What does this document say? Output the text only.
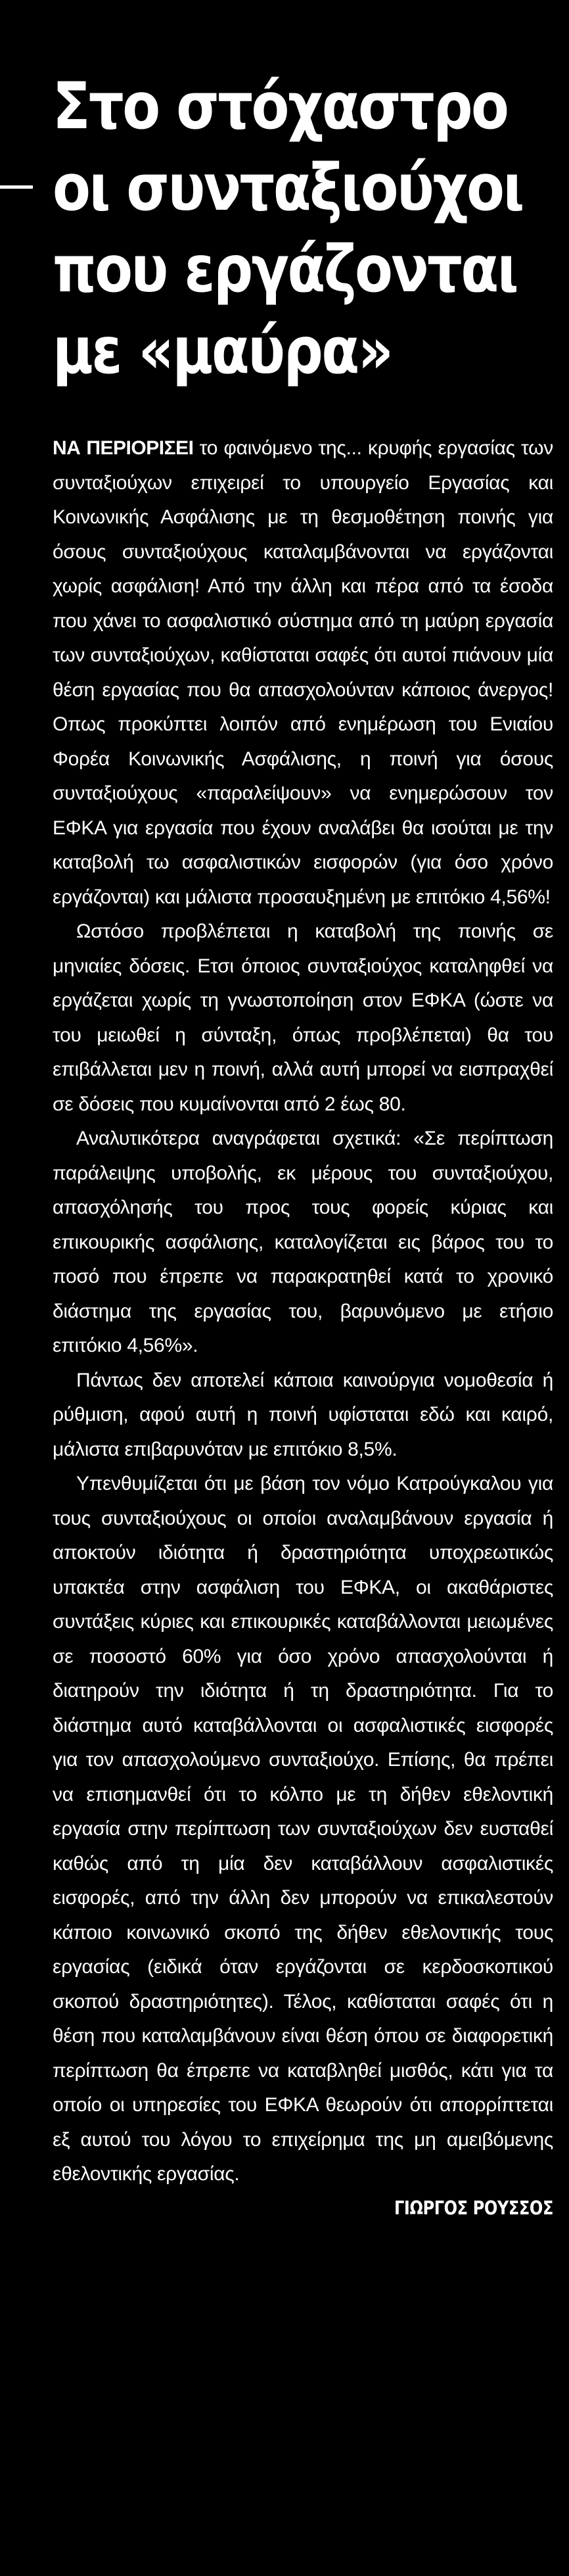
Στο στόχαστρο
οι συνταξιούχοι
που εργάζονται
με «μαύρα»

ΝΑ ΠΕΡΙΟΡΙΣΕΙ το φαινόμενο της... κρυφής εργασίας των συνταξιούχων επιχειρεί το υπουργείο Εργασίας και Κοινωνικής Ασφάλισης με τη θεσμοθέτηση ποινής για όσους συνταξιούχους καταλαμβάνονται να εργάζονται χωρίς ασφάλιση! Από την άλλη και πέρα από τα έσοδα που χάνει το ασφαλιστικό σύστημα από τη μαύρη εργασία των συνταξιούχων, καθίσταται σαφές ότι αυτοί πιάνουν μία θέση εργασίας που θα απασχολούνταν κάποιος άνεργος! Οπως προκύπτει λοιπόν από ενημέρωση του Ενιαίου Φορέα Κοινωνικής Ασφάλισης, η ποινή για όσους συνταξιούχους «παραλείψουν» να ενημερώσουν τον ΕΦΚΑ για εργασία που έχουν αναλάβει θα ισούται με την καταβολή τω ασφαλιστικών εισφορών (για όσο χρόνο εργάζονται) και μάλιστα προσαυξημένη με επιτόκιο 4,56%!

Ωστόσο προβλέπεται η καταβολή της ποινής σε μηνιαίες δόσεις. Ετσι όποιος συνταξιούχος καταληφθεί να εργάζεται χωρίς τη γνωστοποίηση στον ΕΦΚΑ (ώστε να του μειωθεί η σύνταξη, όπως προβλέπεται) θα του επιβάλλεται μεν η ποινή, αλλά αυτή μπορεί να εισπραχθεί σε δόσεις που κυμαίνονται από 2 έως 80.

Αναλυτικότερα αναγράφεται σχετικά: «Σε περίπτωση παράλειψης υποβολής, εκ μέρους του συνταξιούχου, απασχόλησής του προς τους φορείς κύριας και επικουρικής ασφάλισης, καταλογίζεται εις βάρος του το ποσό που έπρεπε να παρακρατηθεί κατά το χρονικό διάστημα της εργασίας του, βαρυνόμενο με ετήσιο επιτόκιο 4,56%».

Πάντως δεν αποτελεί κάποια καινούργια νομοθεσία ή ρύθμιση, αφού αυτή η ποινή υφίσταται εδώ και καιρό, μάλιστα επιβαρυνόταν με επιτόκιο 8,5%.

Υπενθυμίζεται ότι με βάση τον νόμο Κατρούγκαλου για τους συνταξιούχους οι οποίοι αναλαμβάνουν εργασία ή αποκτούν ιδιότητα ή δραστηριότητα υποχρεωτικώς υπακτέα στην ασφάλιση του ΕΦΚΑ, οι ακαθάριστες συντάξεις κύριες και επικουρικές καταβάλλονται μειωμένες σε ποσοστό 60% για όσο χρόνο απασχολούνται ή διατηρούν την ιδιότητα ή τη δραστηριότητα. Για το διάστημα αυτό καταβάλλονται οι ασφαλιστικές εισφορές για τον απασχολούμενο συνταξιούχο. Επίσης, θα πρέπει να επισημανθεί ότι το κόλπο με τη δήθεν εθελοντική εργασία στην περίπτωση των συνταξιούχων δεν ευσταθεί καθώς από τη μία δεν καταβάλλουν ασφαλιστικές εισφορές, από την άλλη δεν μπορούν να επικαλεστούν κάποιο κοινωνικό σκοπό της δήθεν εθελοντικής τους εργασίας (ειδικά όταν εργάζονται σε κερδοσκοπικού σκοπού δραστηριότητες). Τέλος, καθίσταται σαφές ότι η θέση που καταλαμβάνουν είναι θέση όπου σε διαφορετική περίπτωση θα έπρεπε να καταβληθεί μισθός, κάτι για τα οποίο οι υπηρεσίες του ΕΦΚΑ θεωρούν ότι απορρίπτεται εξ αυτού του λόγου το επιχείρημα της μη αμειβόμενης εθελοντικής εργασίας.

ΓΙΩΡΓΟΣ ΡΟΥΣΣΟΣ
